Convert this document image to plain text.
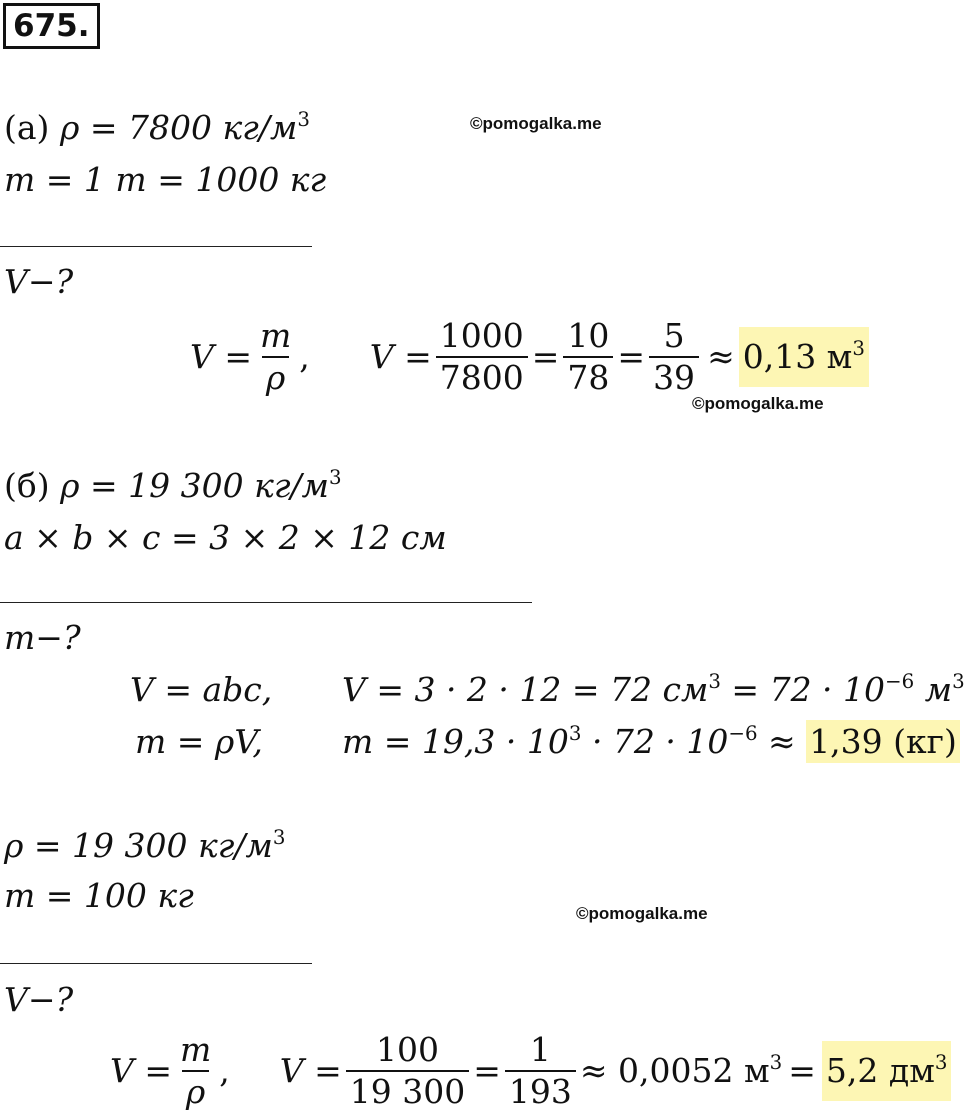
675.
(а) ρ = 7800 $кг/м^3$	©pomogalka.me
m = 1 т = 1000 кг
V−?
$V = \frac{m}{\rho}$ , $V = \frac{1000}{7800} = \frac{10}{78} = \frac{5}{39} \approx 0,13$ $м^3$
©pomogalka.me
(б) ρ = 19 300 $кг/м^3$
a × b × c = 3 × 2 × 12 см
m−?
V = abc, V = 3 · 2 · 12 = 72 $см^3 = 72 \cdot 10^{-6}$ $м^3$
m = ρV, $m = 19,3 \cdot 10^3 \cdot 72 \cdot 10^{-6} \approx 1,39$ (кг)
ρ = 19 300 $кг/м^3$
m = 100 кг	©pomogalka.me
V−?
$V = \frac{m}{\rho}$ , $V = \frac{100}{19 300} = \frac{1}{193} \approx 0,0052$ $м^3 = 5,2$ $дм^3$
